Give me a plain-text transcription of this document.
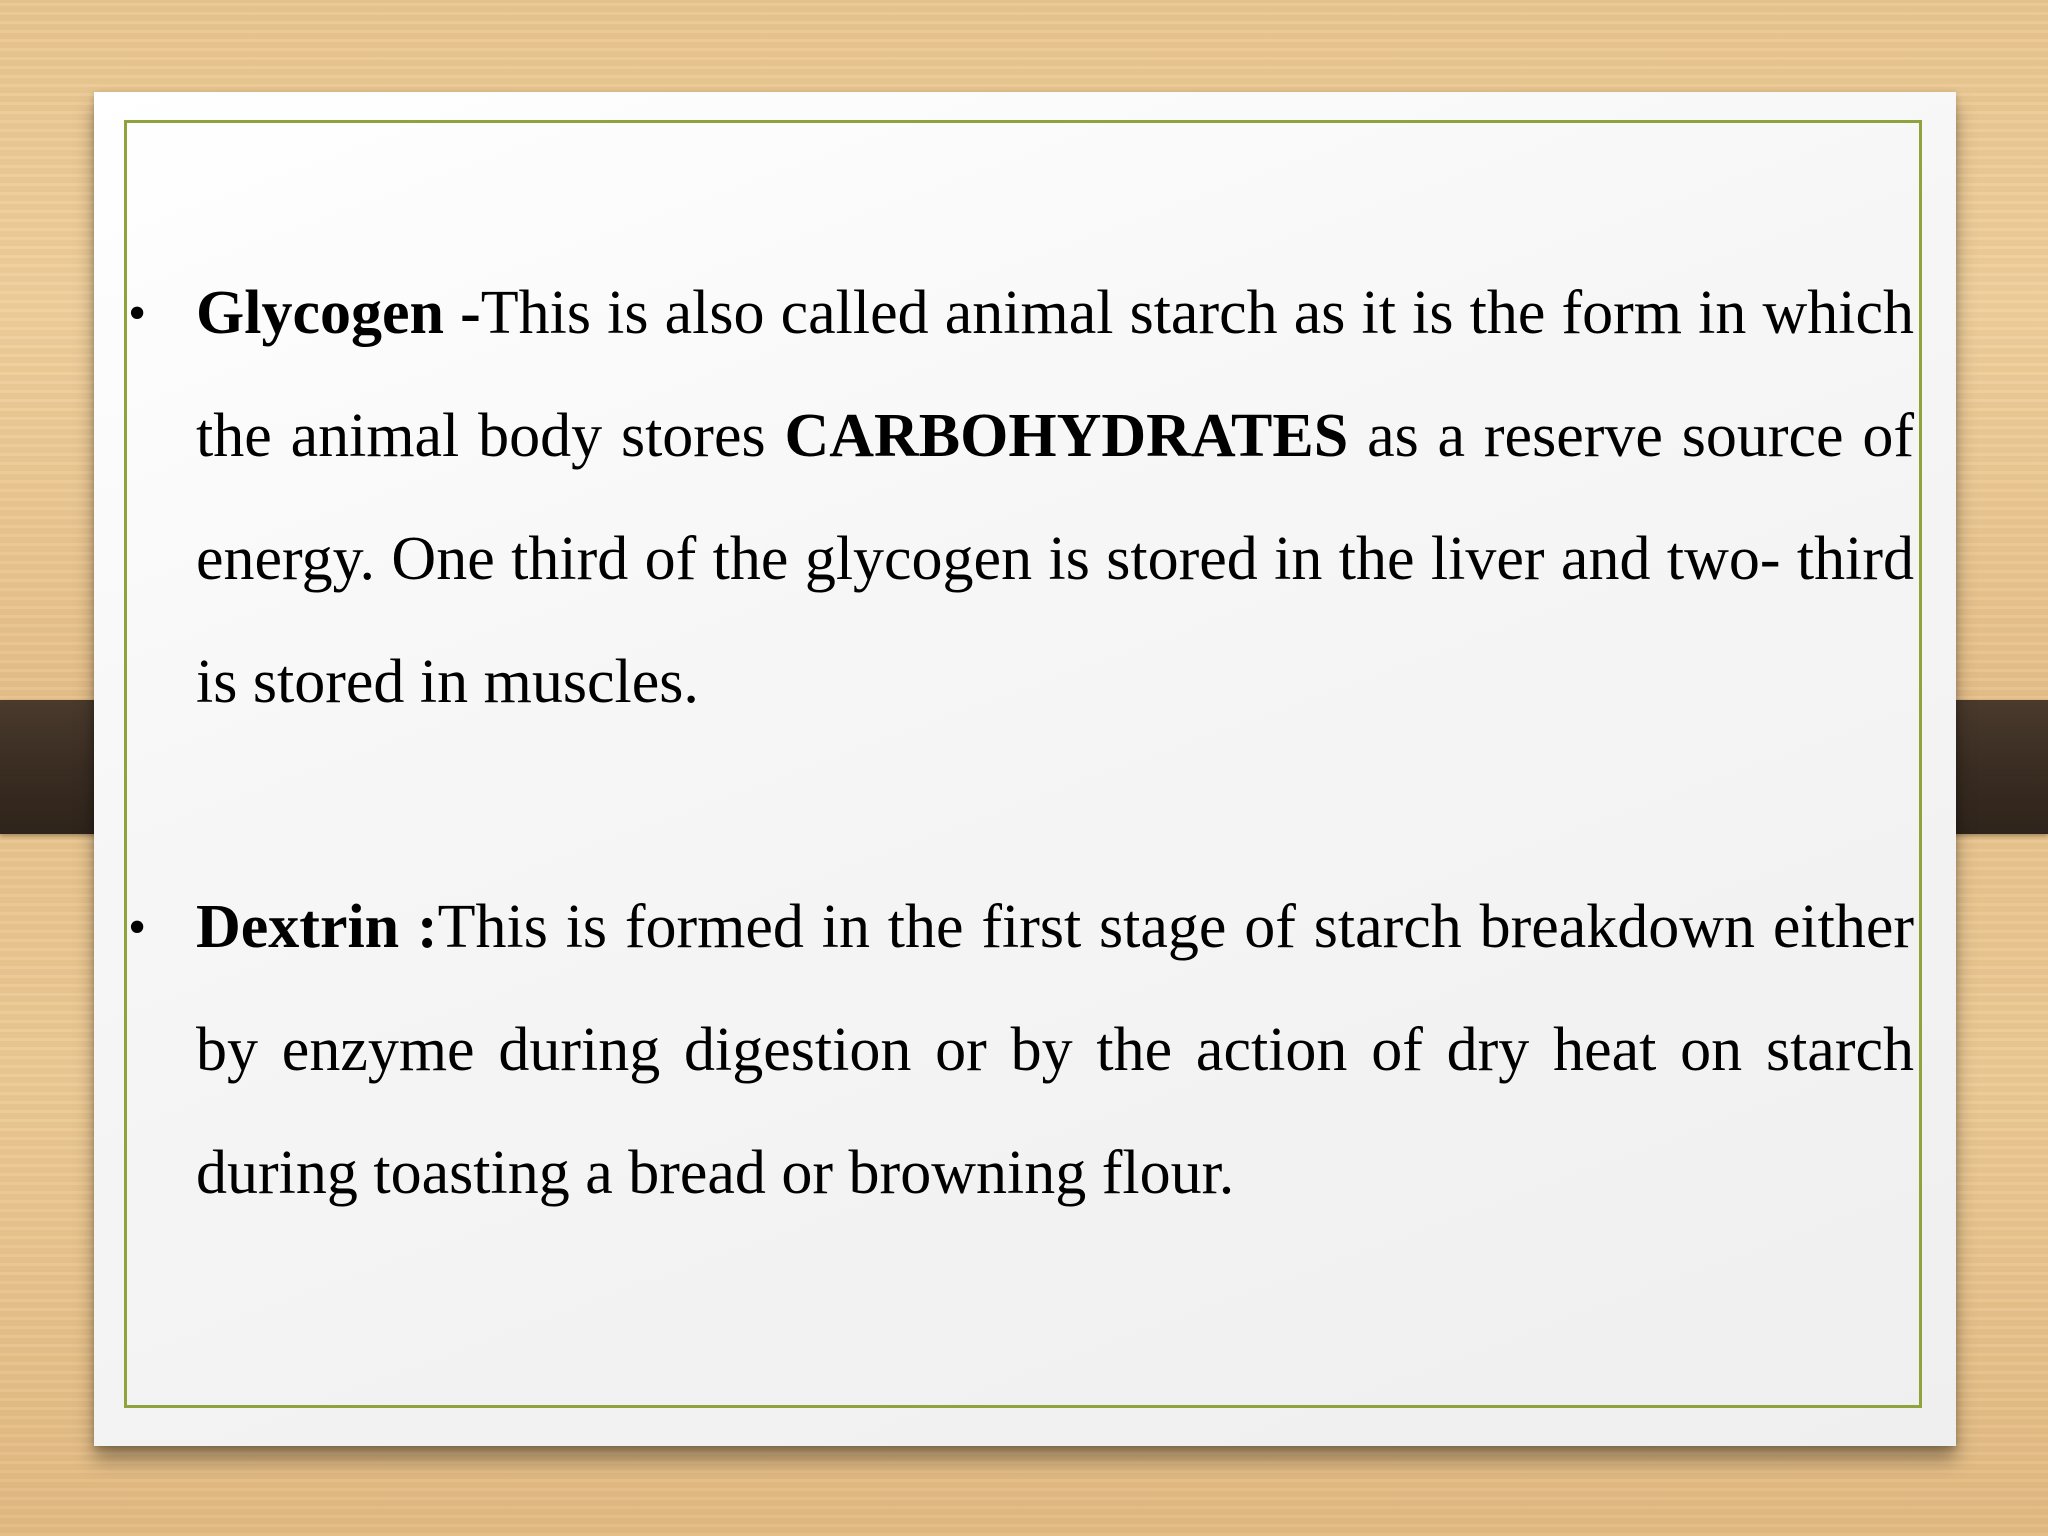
• Glycogen -This is also called animal starch as it is the form in which the animal body stores CARBOHYDRATES as a reserve source of energy. One third of the glycogen is stored in the liver and two- third is stored in muscles.
• Dextrin :This is formed in the first stage of starch breakdown either by enzyme during digestion or by the action of dry heat on starch during toasting a bread or browning flour.
